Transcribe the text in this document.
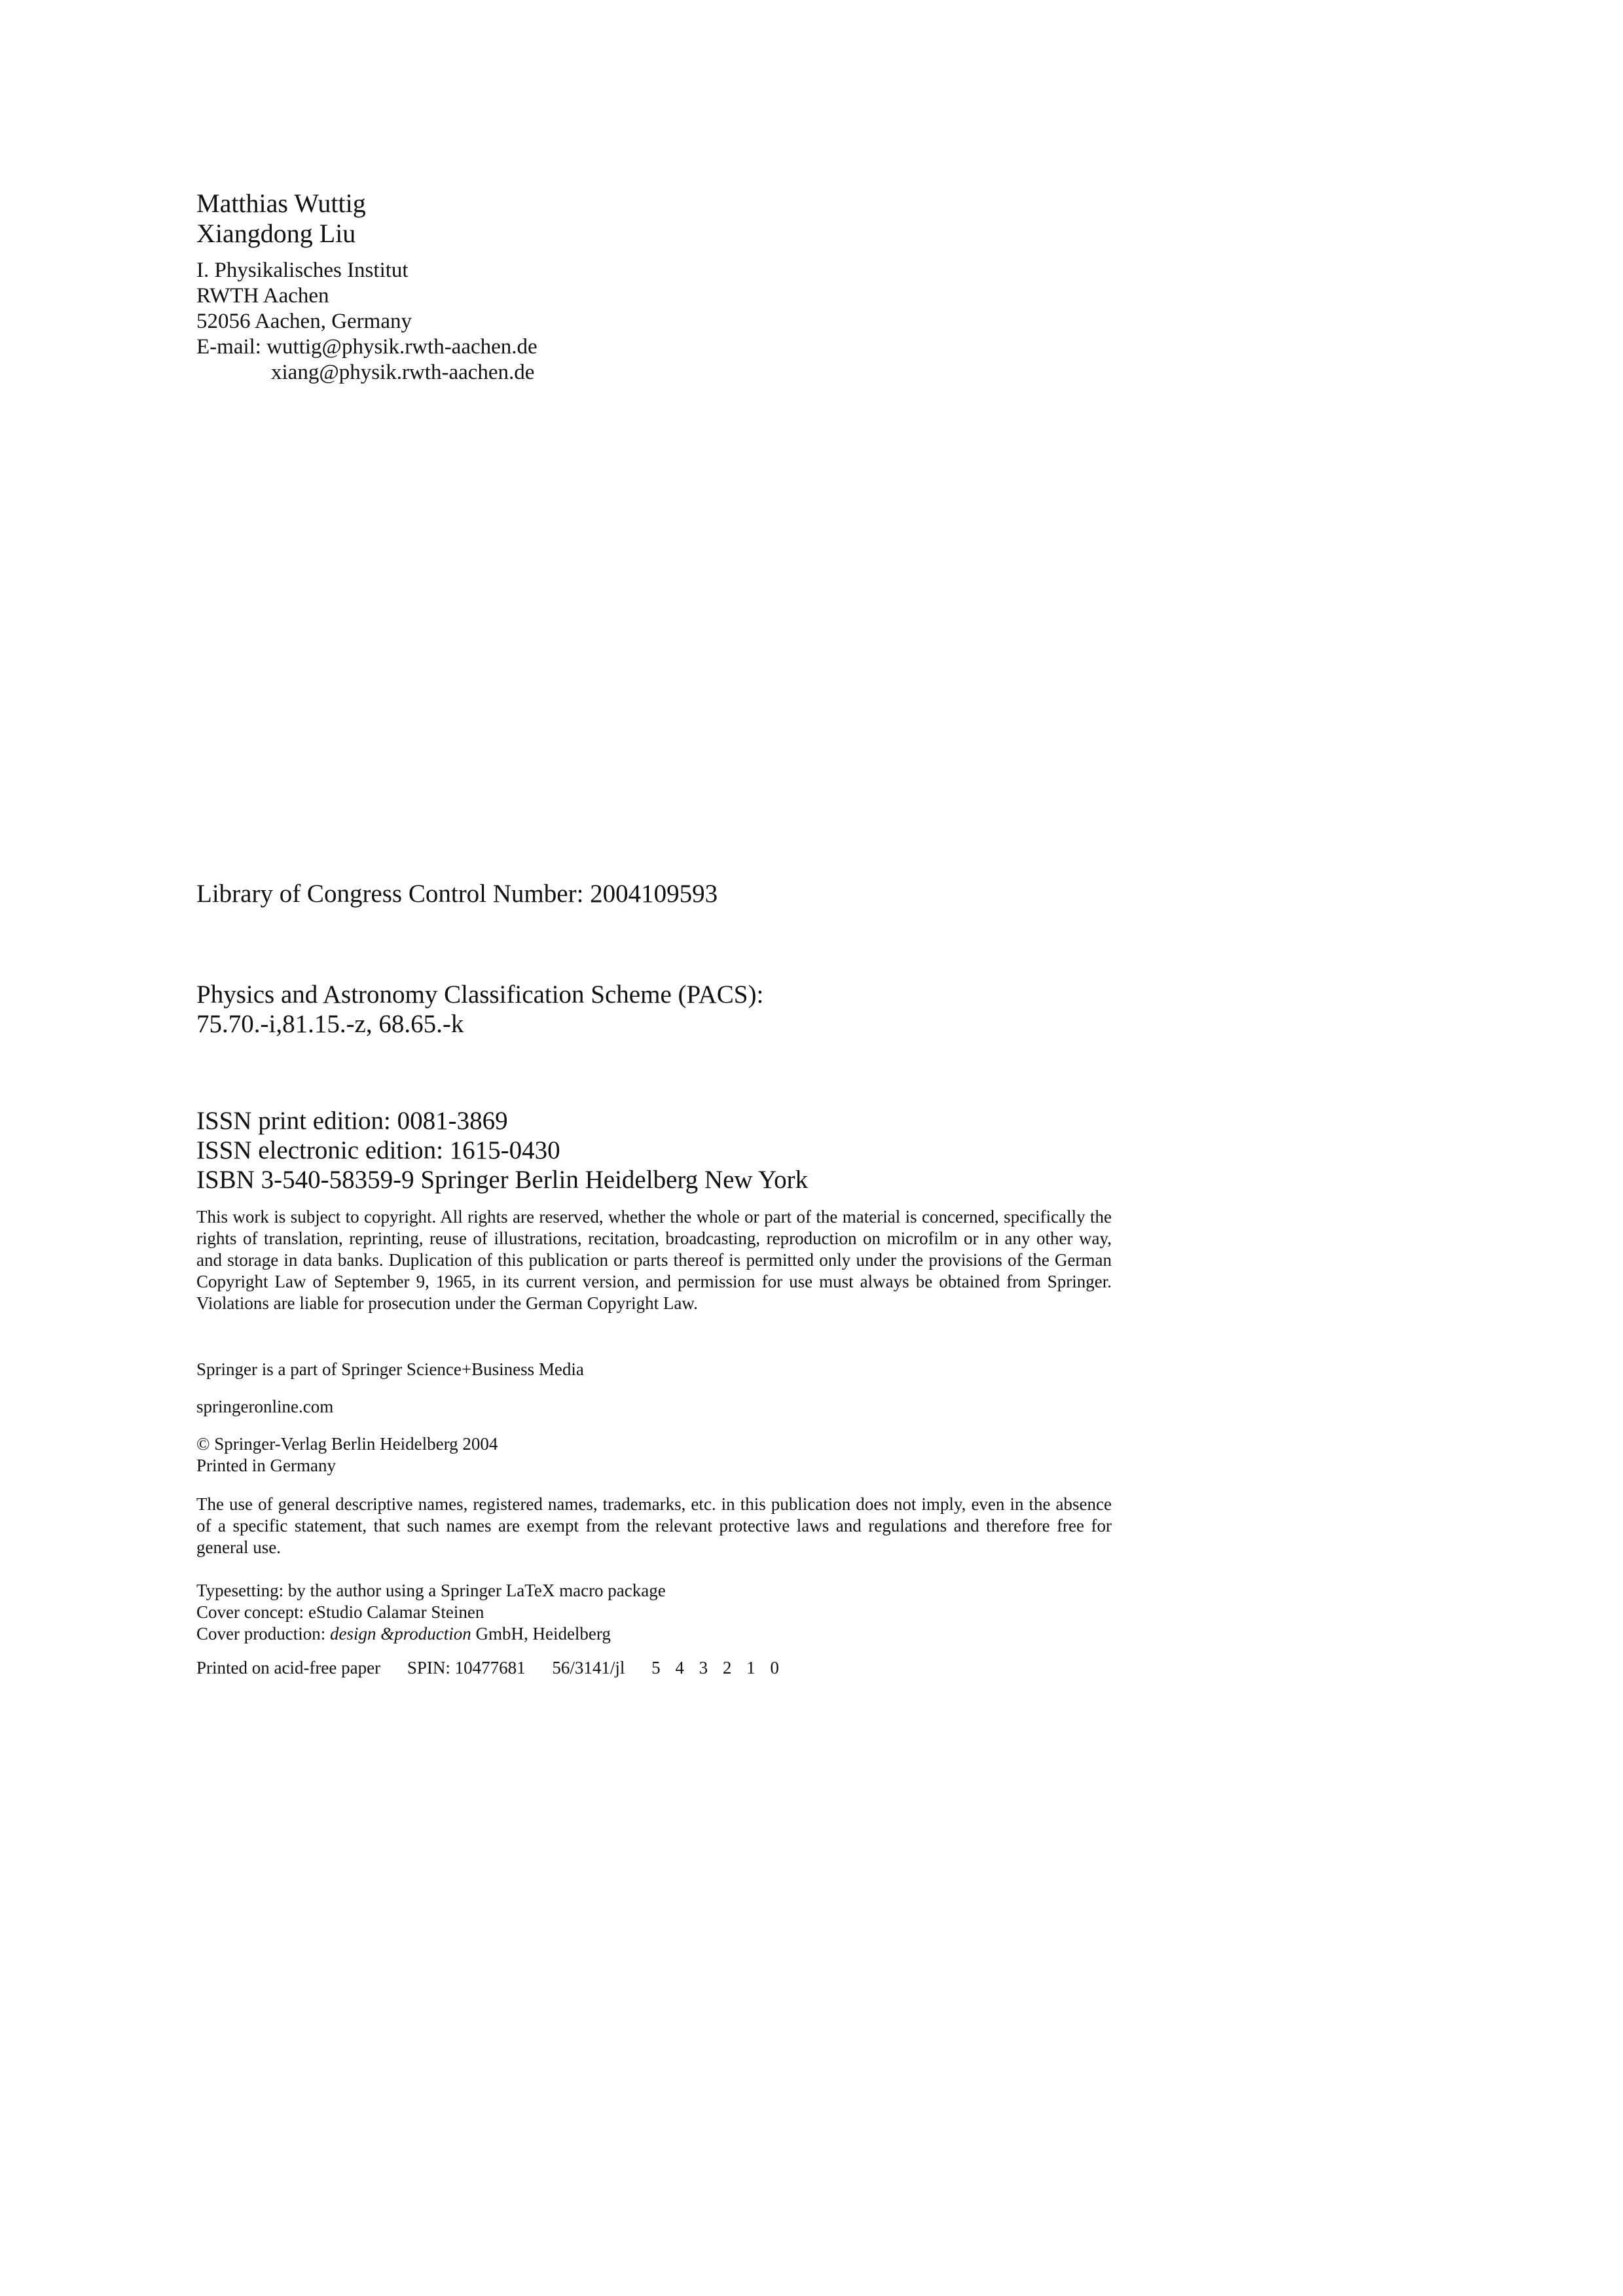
Matthias Wuttig
Xiangdong Liu
I. Physikalisches Institut
RWTH Aachen
52056 Aachen, Germany
E-mail: wuttig@physik.rwth-aachen.de
xiang@physik.rwth-aachen.de
Library of Congress Control Number: 2004109593
Physics and Astronomy Classification Scheme (PACS):
75.70.-i,81.15.-z, 68.65.-k
ISSN print edition: 0081-3869
ISSN electronic edition: 1615-0430
ISBN 3-540-58359-9 Springer Berlin Heidelberg New York
This work is subject to copyright. All rights are reserved, whether the whole or part of the material is concerned, specifically the rights of translation, reprinting, reuse of illustrations, recitation, broadcasting, reproduction on microfilm or in any other way, and storage in data banks. Duplication of this publication or parts thereof is permitted only under the provisions of the German Copyright Law of September 9, 1965, in its current version, and permission for use must always be obtained from Springer. Violations are liable for prosecution under the German Copyright Law.
Springer is a part of Springer Science+Business Media
springeronline.com
© Springer-Verlag Berlin Heidelberg 2004
Printed in Germany
The use of general descriptive names, registered names, trademarks, etc. in this publication does not imply, even in the absence of a specific statement, that such names are exempt from the relevant protective laws and regulations and therefore free for general use.
Typesetting: by the author using a Springer LaTeX macro package
Cover concept: eStudio Calamar Steinen
Cover production: design &production GmbH, Heidelberg
Printed on acid-free paper SPIN: 10477681 56/3141/jl 5 4 3 2 1 0
